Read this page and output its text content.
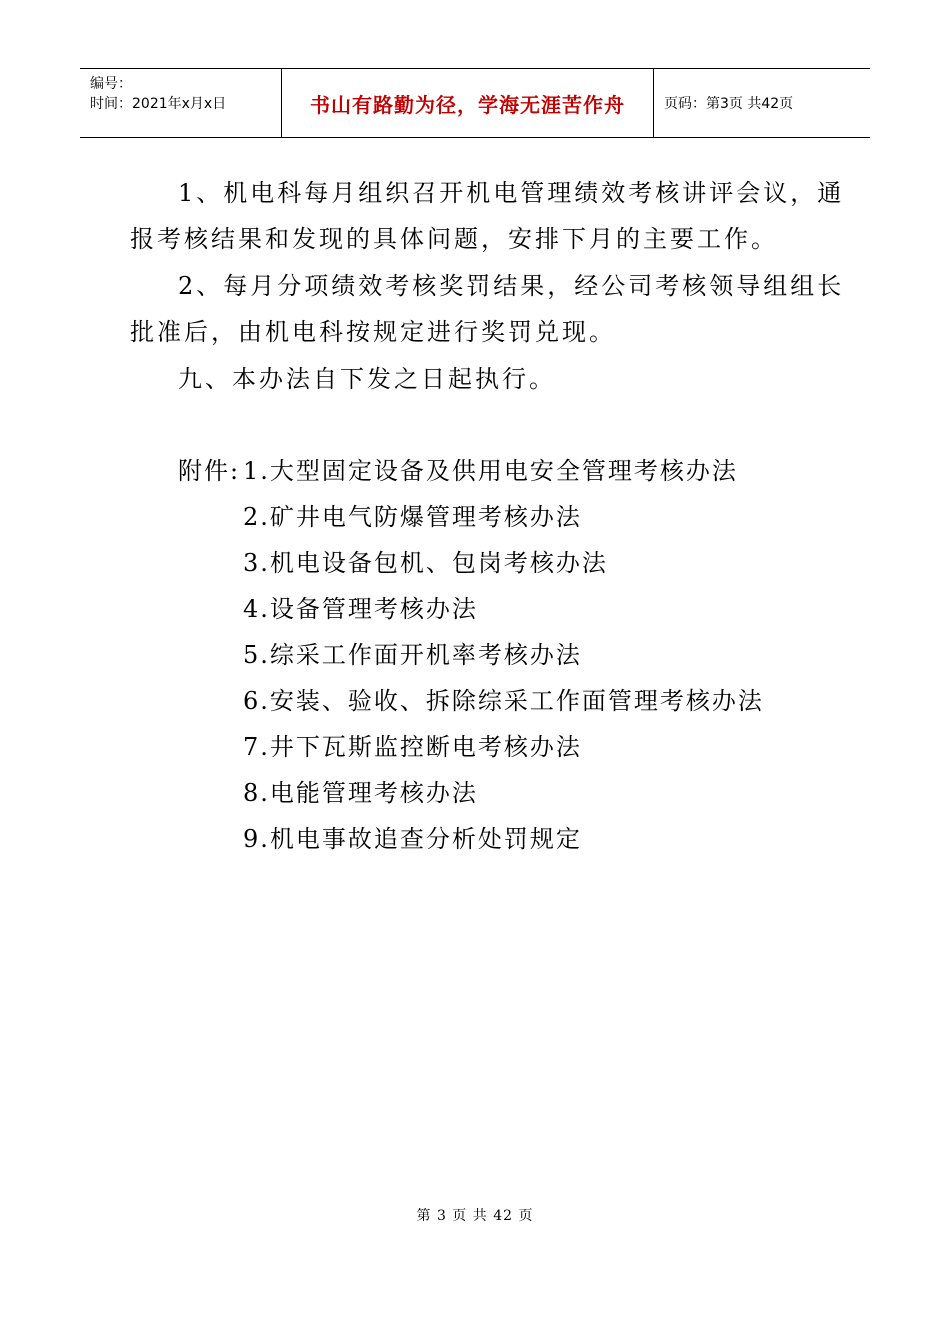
编号：
时间：2021年x月x日	书山有路勤为径，学海无涯苦作舟	页码：第3页 共42页
1、机电科每月组织召开机电管理绩效考核讲评会议，通
报考核结果和发现的具体问题，安排下月的主要工作。
2、每月分项绩效考核奖罚结果，经公司考核领导组组长
批准后，由机电科按规定进行奖罚兑现。
九、本办法自下发之日起执行。
附件: 1.大型固定设备及供用电安全管理考核办法
2.矿井电气防爆管理考核办法
3.机电设备包机、包岗考核办法
4.设备管理考核办法
5.综采工作面开机率考核办法
6.安装、验收、拆除综采工作面管理考核办法
7.井下瓦斯监控断电考核办法
8.电能管理考核办法
9.机电事故追查分析处罚规定
第 3 页 共 42 页
